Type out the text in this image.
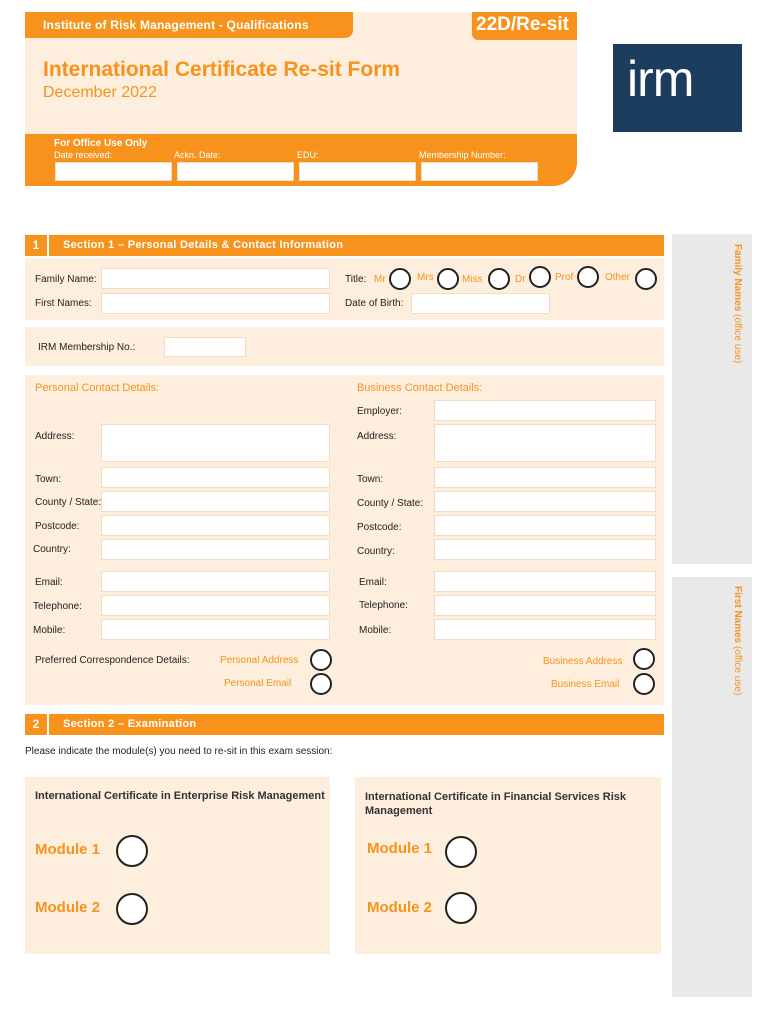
Institute of Risk Management - Qualifications	22D/Re-sit
International Certificate Re-sit Form
December 2022	irm
For Office Use Only
Date received:	Ackn. Date:	EDU:	Membership Number:
Family Names (office use)
First Names (office use)
1	Section 1 – Personal Details & Contact Information
Family Name:
First Names:
Title: Mr	Mrs	Miss	Dr	Prof	Other
Date of Birth:
IRM Membership No.:
Personal Contact Details:	Business Contact Details:
Employer:
Address:	Address:
Town:	Town:
County / State:	County / State:
Postcode:	Postcode:
Country:	Country:
Email:	Email:
Telephone:	Telephone:
Mobile:	Mobile:
Preferred Correspondence Details:	Personal Address
Personal Email
Business Address
Business Email
2	Section 2 – Examination
Please indicate the module(s) you need to re-sit in this exam session:
International Certificate in Enterprise Risk Management
Module 1
Module 2
International Certificate in Financial Services Risk Management
Module 1
Module 2
